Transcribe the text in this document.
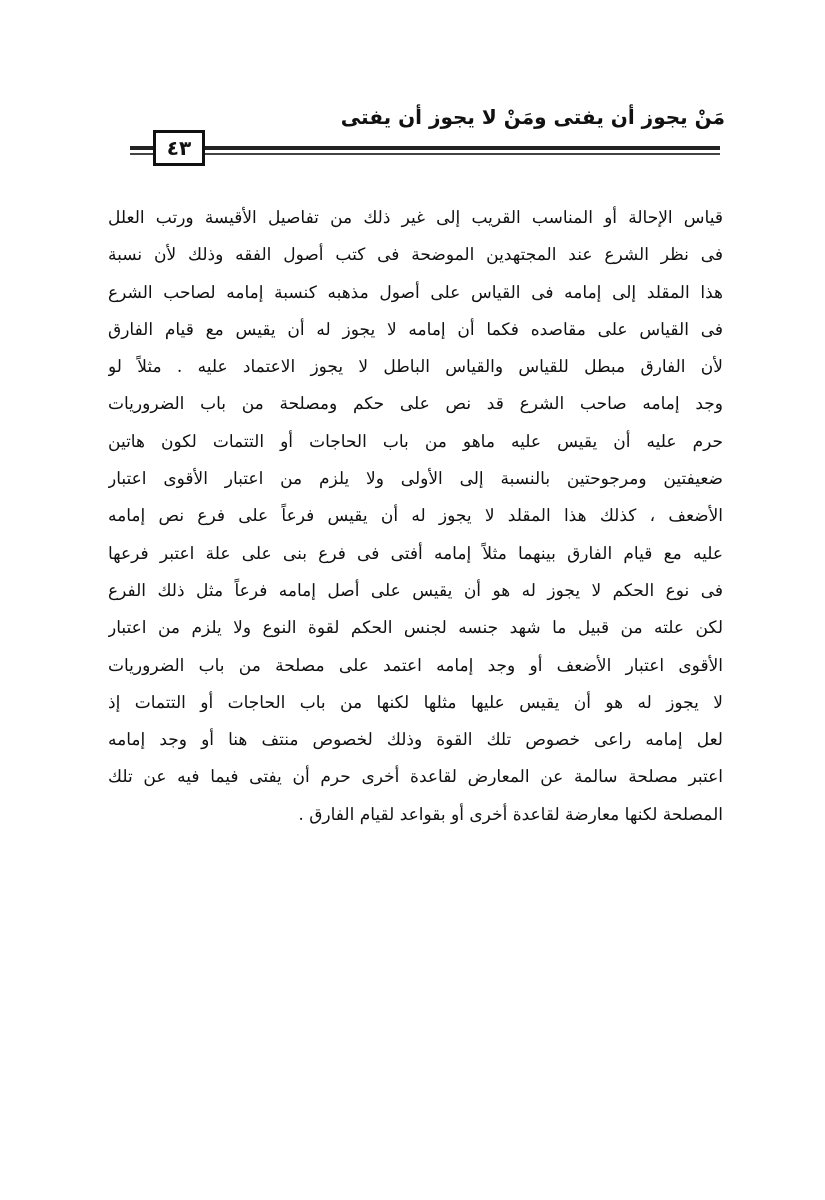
مَنْ يجوز أن يفتى ومَنْ لا يجوز أن يفتى
٤٣
قياس الإحالة أو المناسب القريب إلى غير ذلك من تفاصيل الأقيسة ورتب العلل
فى نظر الشرع عند المجتهدين الموضحة فى كتب أصول الفقه وذلك لأن نسبة
هذا المقلد إلى إمامه فى القياس على أصول مذهبه كنسبة إمامه لصاحب الشرع
فى القياس على مقاصده فكما أن إمامه لا يجوز له أن يقيس مع قيام الفارق
لأن الفارق مبطل للقياس والقياس الباطل لا يجوز الاعتماد عليه . مثلاً لو
وجد إمامه صاحب الشرع قد نص على حكم ومصلحة من باب الضروريات
حرم عليه أن يقيس عليه ماهو من باب الحاجات أو التتمات لكون هاتين
ضعيفتين ومرجوحتين بالنسبة إلى الأولى ولا يلزم من اعتبار الأقوى اعتبار
الأضعف ، كذلك هذا المقلد لا يجوز له أن يقيس فرعاً على فرع نص إمامه
عليه مع قيام الفارق بينهما مثلاً إمامه أفتى فى فرع بنى على علة اعتبر فرعها
فى نوع الحكم لا يجوز له هو أن يقيس على أصل إمامه فرعاً مثل ذلك الفرع
لكن علته من قبيل ما شهد جنسه لجنس الحكم لقوة النوع ولا يلزم من اعتبار
الأقوى اعتبار الأضعف أو وجد إمامه اعتمد على مصلحة من باب الضروريات
لا يجوز له هو أن يقيس عليها مثلها لكنها من باب الحاجات أو التتمات إذ
لعل إمامه راعى خصوص تلك القوة وذلك لخصوص منتف هنا أو وجد إمامه
اعتبر مصلحة سالمة عن المعارض لقاعدة أخرى حرم أن يفتى فيما فيه عن تلك
المصلحة لكنها معارضة لقاعدة أخرى أو بقواعد لقيام الفارق .
